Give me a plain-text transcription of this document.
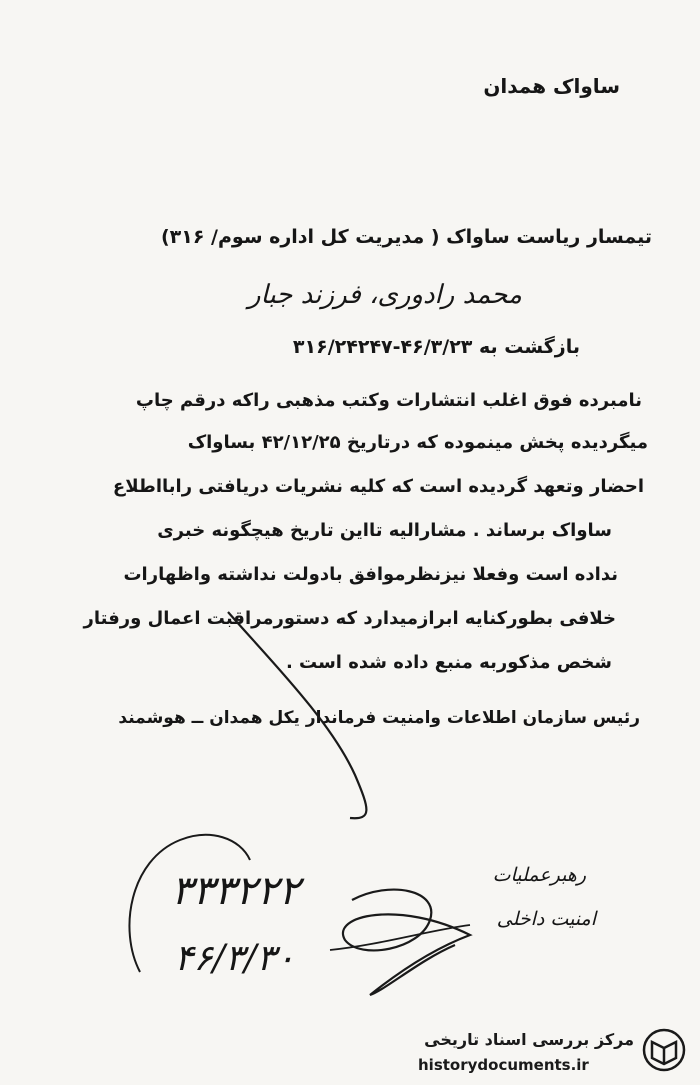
ساواک همدان
تیمسار ریاست ساواک ( مدیریت کل اداره سوم/ ۳۱۶)
محمد رادوری، فرزند جبار
بازگشت به ۴۶/۳/۲۳-۳۱۶/۲۴۲۴۷
نامبرده فوق اغلب انتشارات وکتب مذهبی راکه درقم چاپ
میگردیده پخش مینموده که درتاریخ ۴۲/۱۲/۲۵ بساواک
احضار وتعهد گردیده است که کلیه نشریات دریافتی رابااطلاع
ساواک برساند . مشارالیه تااین تاریخ هیچگونه خبری
نداده است وفعلا نیزنظرموافق بادولت نداشته واظهارات
خلافی بطورکنایه ابرازمیدارد که دستورمراقبت اعمال ورفتار
شخص مذکوربه منبع داده شده است .
رئیس سازمان اطلاعات وامنیت فرماندار یکل همدان ــ هوشمند
رهبرعملیات
امنیت داخلی
۳۳۳۲۲۲
۴۶/۳/۳۰
مرکز بررسی اسناد تاریخی
historydocuments.ir
